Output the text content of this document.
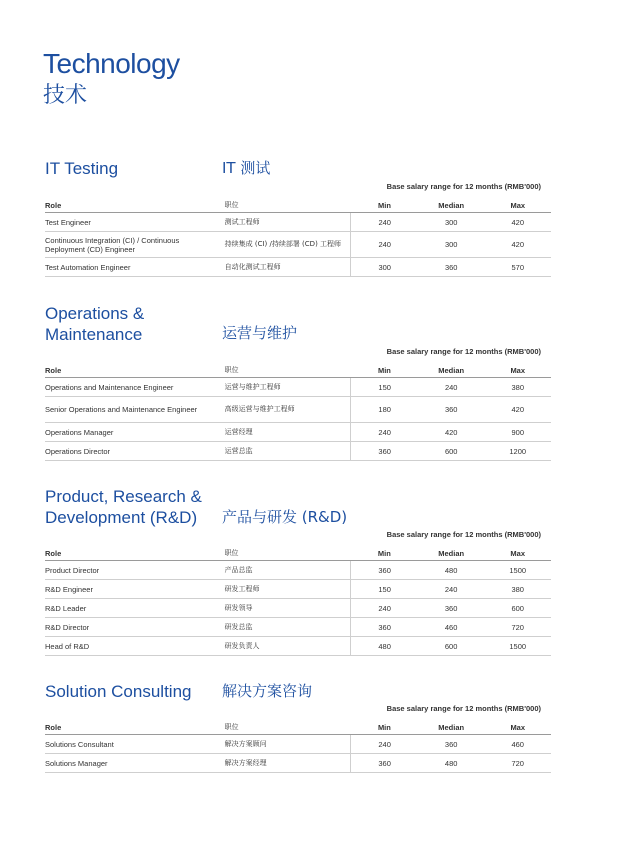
Technology
技术
IT Testing	IT 测试
Base salary range for 12 months (RMB'000)
Role	职位	Min	Median	Max
Test Engineer	测试工程师	240	300	420
Continuous Integration (CI) / Continuous Deployment (CD) Engineer	持续集成 (CI) /持续部署 (CD) 工程师	240	300	420
Test Automation Engineer	自动化测试工程师	300	360	570
Operations & Maintenance	运营与维护
Base salary range for 12 months (RMB'000)
Role	职位	Min	Median	Max
Operations and Maintenance Engineer	运营与维护工程师	150	240	380
Senior Operations and Maintenance Engineer	高级运营与维护工程师	180	360	420
Operations Manager	运营经理	240	420	900
Operations Director	运营总监	360	600	1200
Product, Research & Development (R&D)	产品与研发 (R&D)
Base salary range for 12 months (RMB'000)
Role	职位	Min	Median	Max
Product Director	产品总监	360	480	1500
R&D Engineer	研发工程师	150	240	380
R&D Leader	研发领导	240	360	600
R&D Director	研发总监	360	460	720
Head of R&D	研发负责人	480	600	1500
Solution Consulting	解决方案咨询
Base salary range for 12 months (RMB'000)
Role	职位	Min	Median	Max
Solutions Consultant	解决方案顾问	240	360	460
Solutions Manager	解决方案经理	360	480	720
